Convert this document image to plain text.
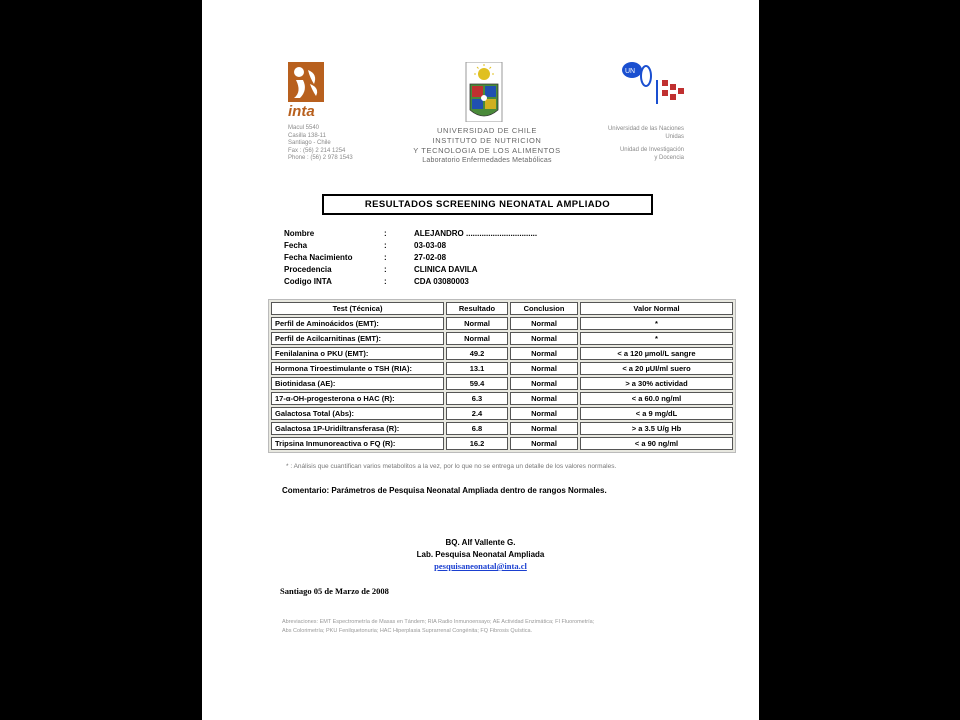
inta
Macul 5540
Casilla 138-11
Santiago - Chile
Fax : (56) 2 214 1254
Phone : (56) 2 978 1543
UNIVERSIDAD DE CHILE
INSTITUTO DE NUTRICION
Y TECNOLOGIA DE LOS ALIMENTOS
Laboratorio Enfermedades Metabólicas
UN
Universidad de las Naciones
Unidas
Unidad de Investigación
y Docencia
RESULTADOS SCREENING NEONATAL AMPLIADO
Nombre	:	ALEJANDRO ................................
Fecha	:	03-03-08
Fecha Nacimiento	:	27-02-08
Procedencia	:	CLINICA DAVILA
Codigo INTA	:	CDA 03080003
Test (Técnica)	Resultado	Conclusion	Valor Normal
Perfil de Aminoácidos (EMT):	Normal	Normal	*
Perfil de Acilcarnitinas (EMT):	Normal	Normal	*
Fenilalanina o PKU (EMT):	49.2	Normal	< a 120 µmol/L sangre
Hormona Tiroestimulante o TSH (RIA):	13.1	Normal	< a 20 µUI/ml suero
Biotinidasa (AE):	59.4	Normal	> a 30% actividad
17-α-OH-progesterona o HAC (R):	6.3	Normal	< a 60.0 ng/ml
Galactosa Total (Abs):	2.4	Normal	< a 9 mg/dL
Galactosa 1P-Uridiltransferasa (R):	6.8	Normal	> a 3.5 U/g Hb
Tripsina Inmunoreactiva o FQ (R):	16.2	Normal	< a 90 ng/ml
* : Análisis que cuantifican varios metabolitos a la vez, por lo que no se entrega un detalle de los valores normales.
Comentario: Parámetros de Pesquisa Neonatal Ampliada dentro de rangos Normales.
BQ. Alf Vallente G.
Lab. Pesquisa Neonatal Ampliada
pesquisaneonatal@inta.cl
Santiago 05 de Marzo de 2008
Abreviaciones: EMT Espectrometría de Masas en Tándem; RIA Radio Inmunoensayo; AE Actividad Enzimática; FI Fluorometría;
Abs Colorimetría; PKU Fenilquetonuria; HAC Hiperplasia Suprarrenal Congénita; FQ Fibrosis Quística.
